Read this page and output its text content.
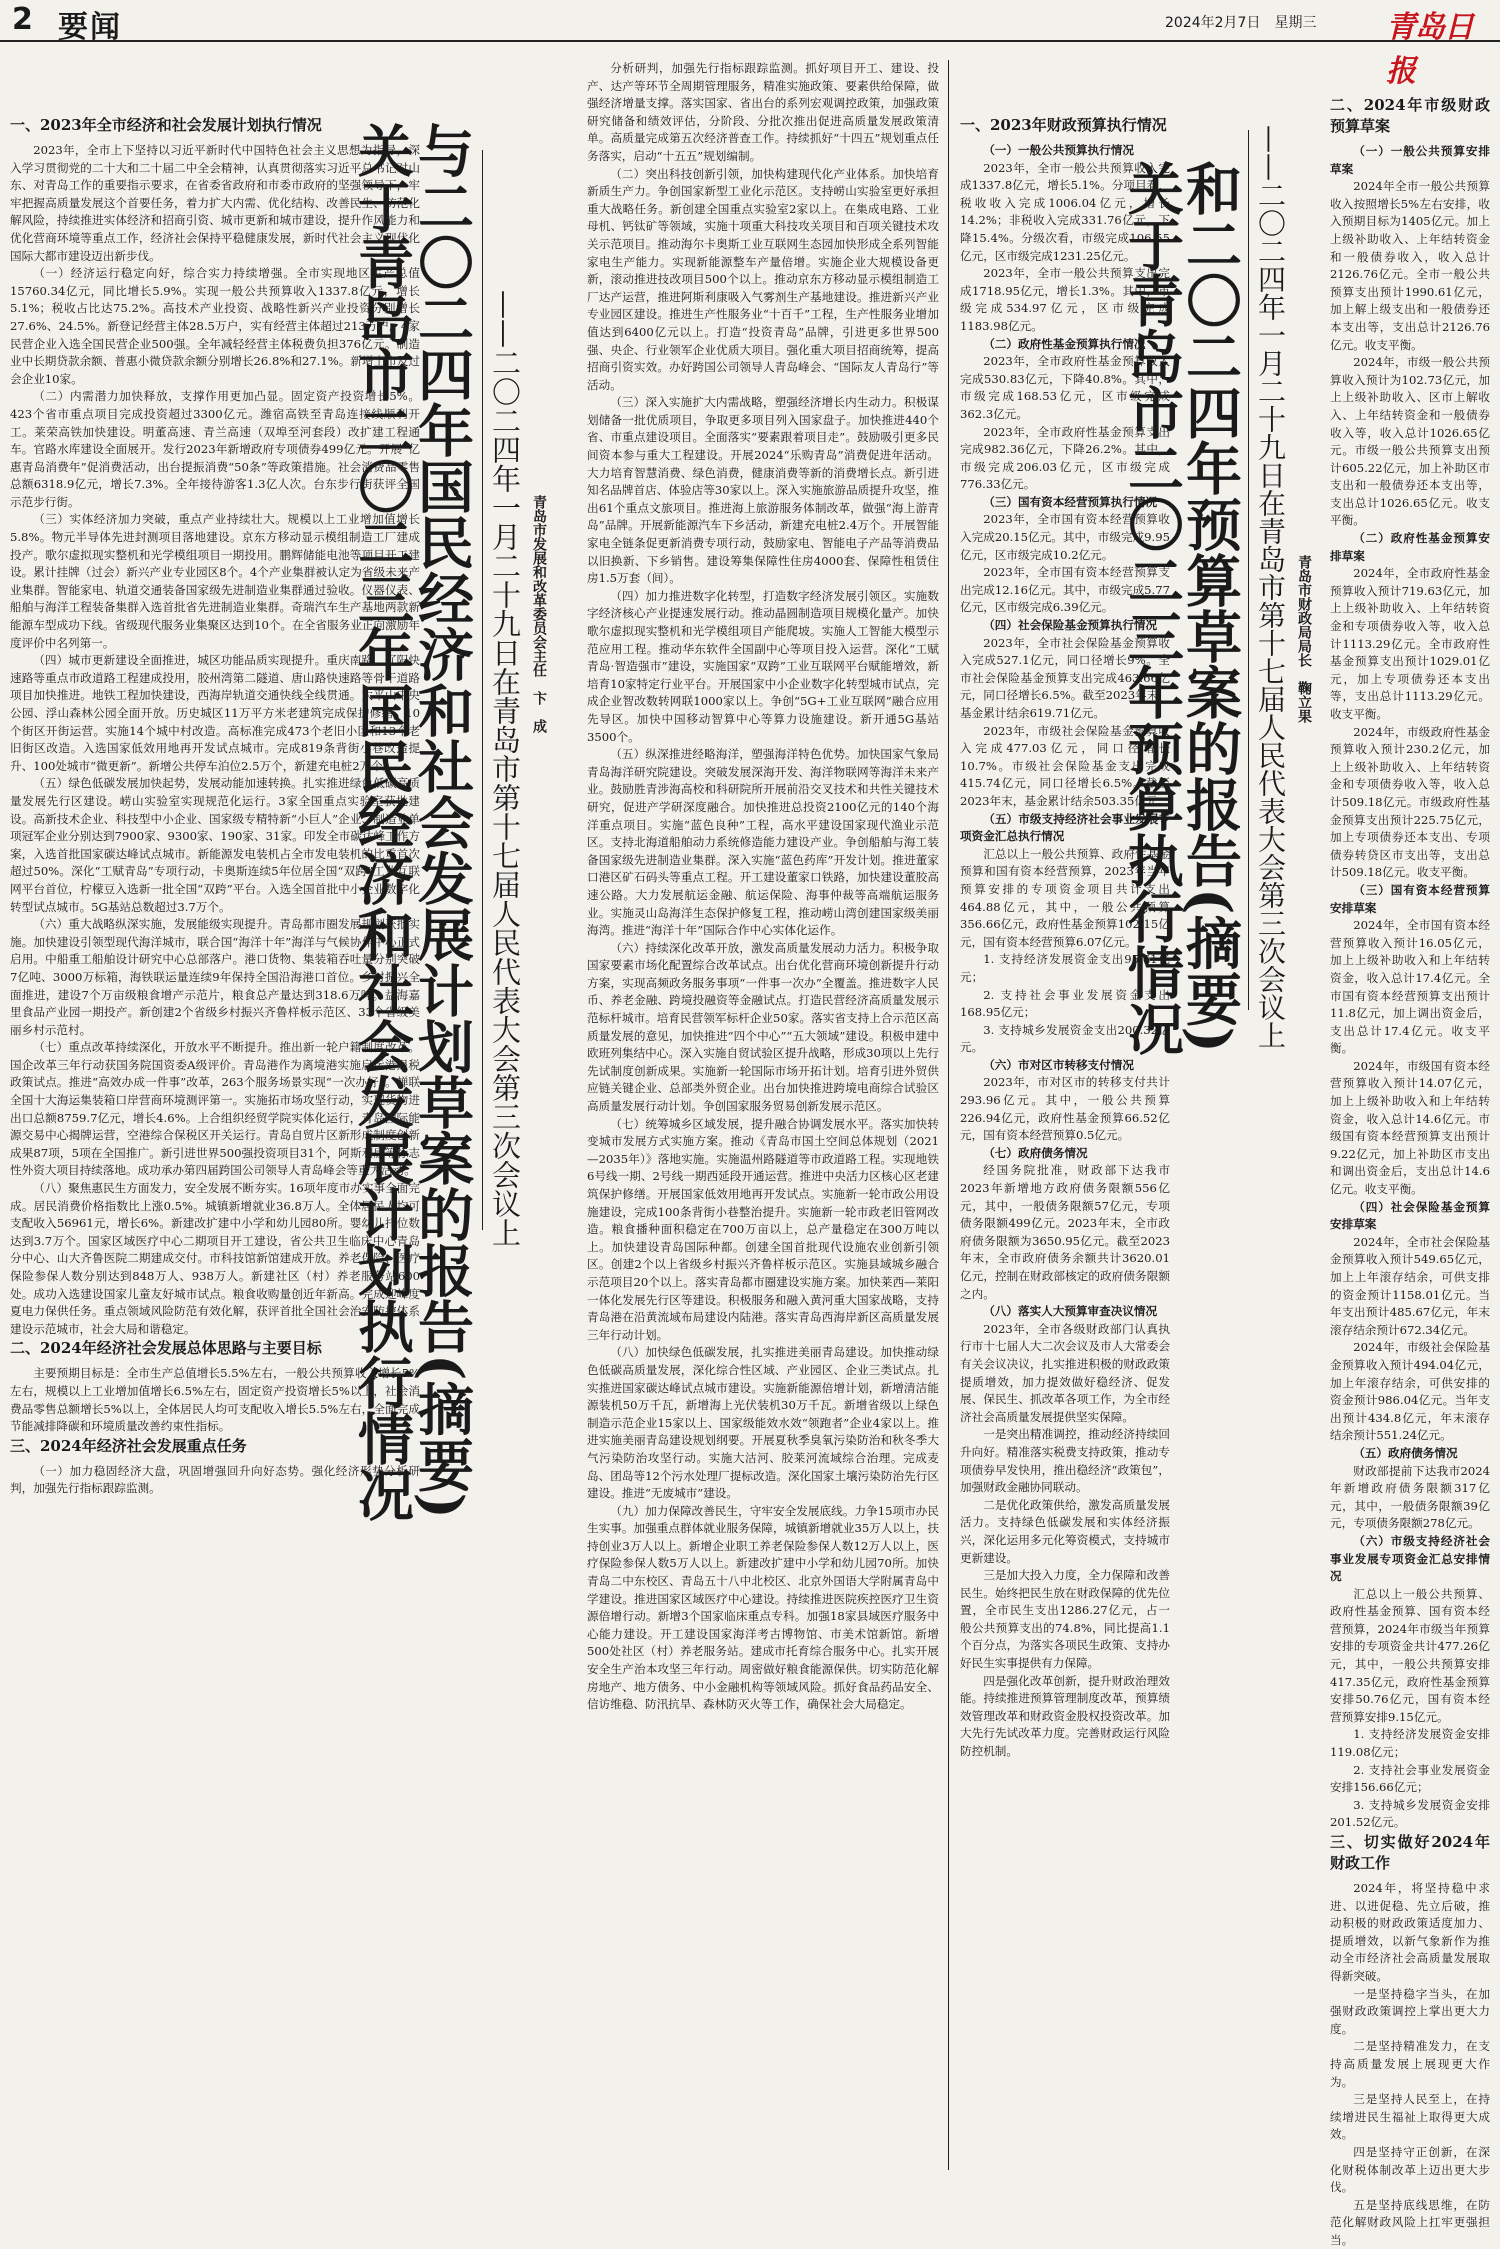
2 要闻	2024年2月7日　星期三 青岛日报
一、2023年全市经济和社会发展计划执行情况

2023年，全市上下坚持以习近平新时代中国特色社会主义思想为指导，深入学习贯彻党的二十大和二十届二中全会精神，认真贯彻落实习近平总书记对山东、对青岛工作的重要指示要求，在省委省政府和市委市政府的坚强领导下，牢牢把握高质量发展这个首要任务，着力扩大内需、优化结构、改善民生、防范化解风险，持续推进实体经济和招商引资、城市更新和城市建设，提升作风能力和优化营商环境等重点工作，经济社会保持平稳健康发展，新时代社会主义现代化国际大都市建设迈出新步伐。

（一）经济运行稳定向好，综合实力持续增强。全市实现地区生产总值15760.34亿元，同比增长5.9%。实现一般公共预算收入1337.8亿元，增长5.1%；税收占比达75.2%。高技术产业投资、战略性新兴产业投资分别增长27.6%、24.5%。新登记经营主体28.5万户，实有经营主体超过213万户。4家民营企业入选全国民营企业500强。全年减轻经营主体税费负担376亿元。制造业中长期贷款余额、普惠小微贷款余额分别增长26.8%和27.1%。新增上市及过会企业10家。

（二）内需潜力加快释放，支撑作用更加凸显。固定资产投资增长5%。423个省市重点项目完成投资超过3300亿元。潍宿高铁至青岛连接线顺利开工。莱荣高铁加快建设。明董高速、青兰高速（双埠至河套段）改扩建工程通车。官路水库建设全面展开。发行2023年新增政府专项债券499亿元。开展“亿惠青岛消费年”促消费活动，出台提振消费“50条”等政策措施。社会消费品零售总额6318.9亿元，增长7.3%。全年接待游客1.3亿人次。台东步行街获评全国示范步行街。

（三）实体经济加力突破，重点产业持续壮大。规模以上工业增加值增长5.8%。物元半导体先进封测项目落地建设。京东方移动显示模组制造工厂建成投产。歌尔虚拟现实整机和光学模组项目一期投用。鹏辉储能电池等项目开工建设。累计挂牌（过会）新兴产业专业园区8个。4个产业集群被认定为省级未来产业集群。智能家电、轨道交通装备国家级先进制造业集群通过验收。仪器仪表、船舶与海洋工程装备集群入选首批省先进制造业集群。奇瑞汽车生产基地两款新能源车型成功下线。省级现代服务业集聚区达到10个。在全省服务业正向激励年度评价中名列第一。

（四）城市更新建设全面推进，城区功能品质实现提升。重庆南路、辽阳快速路等重点市政道路工程建成投用，胶州湾第二隧道、唐山路快速路等骨干道路项目加快推进。地铁工程加快建设，西海岸轨道交通快线全线贯通。太平山中央公园、浮山森林公园全面开放。历史城区11万平方米老建筑完成保护修缮，10个街区开街运营。实施14个城中村改造。高标准完成473个老旧小区和13个老旧街区改造。入选国家低效用地再开发试点城市。完成819条背街小巷改造提升、100处城市“微更新”。新增公共停车泊位2.5万个，新建充电桩2万个。

（五）绿色低碳发展加快起势，发展动能加速转换。扎实推进绿色低碳高质量发展先行区建设。崂山实验室实现规范化运行。3家全国重点实验室获批建设。高新技术企业、科技型中小企业、国家级专精特新“小巨人”企业、制造业单项冠军企业分别达到7900家、9300家、190家、31家。印发全市碳达峰工作方案，入选首批国家碳达峰试点城市。新能源发电装机占全市发电装机的比重首次超过50%。深化“工赋青岛”专项行动，卡奥斯连续5年位居全国“双跨”工业互联网平台首位，柠檬豆入选新一批全国“双跨”平台。入选全国首批中小企业数字化转型试点城市。5G基站总数超过3.7万个。

（六）重大战略纵深实施，发展能级实现提升。青岛都市圈发展规划获批实施。加快建设引领型现代海洋城市，联合国“海洋十年”海洋与气候协作中心正式启用。中船重工船舶设计研究中心总部落户。港口货物、集装箱吞吐量分别突破7亿吨、3000万标箱，海铁联运量连续9年保持全国沿海港口首位。乡村振兴全面推进，建设7个万亩级粮食增产示范片，粮食总产量达到318.6万吨。益海嘉里食品产业园一期投产。新创建2个省级乡村振兴齐鲁样板示范区、33个省级美丽乡村示范村。

（七）重点改革持续深化，开放水平不断提升。推出新一轮户籍制度改革。国企改革三年行动获国务院国资委A级评价。青岛港作为离境港实施启运港退税政策试点。推进“高效办成一件事”改革，263个服务场景实现“一次办好”。蝉联全国十大海运集装箱口岸营商环境测评第一。实施拓市场攻坚行动，实现货物进出口总额8759.7亿元，增长4.6%。上合组织经贸学院实体化运行，青岛国际能源交易中心揭牌运营，空港综合保税区开关运行。青岛自贸片区新形成制度创新成果87项，5项在全国推广。新引进世界500强投资项目31个，阿斯利康等标志性外资大项目持续落地。成功承办第四届跨国公司领导人青岛峰会等重大活动。

（八）聚焦惠民生方面发力，安全发展不断夯实。16项年度市办实事全面完成。居民消费价格指数比上涨0.5%。城镇新增就业36.8万人。全体居民人均可支配收入56961元，增长6%。新建改扩建中小学和幼儿园80所。婴幼儿托位数达到3.7万个。国家区域医疗中心二期项目开工建设，省公共卫生临床中心青岛分中心、山大齐鲁医院二期建成交付。市科技馆新馆建成开放。养老保险、医疗保险参保人数分别达到848万人、938万人。新建社区（村）养老服务站600处。成功入选建设国家儿童友好城市试点。粮食收购量创近年新高。完成迎峰度夏电力保供任务。重点领域风险防范有效化解，获评首批全国社会治安防控体系建设示范城市，社会大局和谐稳定。

二、2024年经济社会发展总体思路与主要目标

主要预期目标是：全市生产总值增长5.5%左右，一般公共预算收入增长5%左右，规模以上工业增加值增长6.5%左右，固定资产投资增长5%以上，社会消费品零售总额增长5%以上，全体居民人均可支配收入增长5.5%左右，全面完成节能减排降碳和环境质量改善约束性指标。

三、2024年经济社会发展重点任务

（一）加力稳固经济大盘，巩固增强回升向好态势。强化经济形势分析研判，加强先行指标跟踪监测。	关于青岛市二〇二三年国民经济和社会发展计划执行情况
与二〇二四年国民经济和社会发展计划草案的报告(摘要) ——二〇二四年一月二十九日在青岛市第十七届人民代表大会第三次会议上 青岛市发展和改革委员会主任　卞　成

分析研判，加强先行指标跟踪监测。抓好项目开工、建设、投产、达产等环节全周期管理服务，精准实施政策、要素供给保障，做强经济增量支撑。落实国家、省出台的系列宏观调控政策，加强政策研究储备和绩效评估，分阶段、分批次推出促进高质量发展政策清单。高质量完成第五次经济普查工作。持续抓好“十四五”规划重点任务落实，启动“十五五”规划编制。

（二）突出科技创新引领，加快构建现代化产业体系。加快培育新质生产力。争创国家新型工业化示范区。支持崂山实验室更好承担重大战略任务。新创建全国重点实验室2家以上。在集成电路、工业母机、钙钛矿等领域，实施十项重大科技攻关项目和百项关键技术攻关示范项目。推动海尔卡奥斯工业互联网生态园加快形成全系列智能家电生产能力。实现新能源整车产量倍增。实施企业大规模设备更新，滚动推进技改项目500个以上。推动京东方移动显示模组制造工厂达产运营，推进阿斯利康吸入气雾剂生产基地建设。推进新兴产业专业园区建设。推进生产性服务业“十百千”工程，生产性服务业增加值达到6400亿元以上。打造“投资青岛”品牌，引进更多世界500强、央企、行业领军企业优质大项目。强化重大项目招商统筹，提高招商引资实效。办好跨国公司领导人青岛峰会、“国际友人青岛行”等活动。

（三）深入实施扩大内需战略，塑强经济增长内生动力。积极谋划储备一批优质项目，争取更多项目列入国家盘子。加快推进440个省、市重点建设项目。全面落实“要素跟着项目走”。鼓励吸引更多民间资本参与重大工程建设。开展2024“乐购青岛”消费促进年活动。大力培育智慧消费、绿色消费，健康消费等新的消费增长点。新引进知名品牌首店、体验店等30家以上。深入实施旅游品质提升攻坚，推出61个重点文旅项目。推进海上旅游服务体制改革，做强“海上游青岛”品牌。开展新能源汽车下乡活动，新建充电桩2.4万个。开展智能家电全链条促更新消费专项行动，鼓励家电、智能电子产品等消费品以旧换新、下乡销售。建设筹集保障性住房4000套、保障性租赁住房1.5万套（间）。

（四）加力推进数字化转型，打造数字经济发展引领区。实施数字经济核心产业提速发展行动。推动晶圆制造项目规模化量产。加快歌尔虚拟现实整机和光学模组项目产能爬坡。实施人工智能大模型示范应用工程。推动华东软件全国副中心等项目投入运营。深化“工赋青岛·智造强市”建设，实施国家“双跨”工业互联网平台赋能增效，新培育10家特定行业平台。开展国家中小企业数字化转型城市试点，完成企业智改数转网联1000家以上。争创“5G+工业互联网”融合应用先导区。加快中国移动智算中心等算力设施建设。新开通5G基站3500个。

（五）纵深推进经略海洋，塑强海洋特色优势。加快国家气象局青岛海洋研究院建设。突破发展深海开发、海洋物联网等海洋未来产业。鼓励胜青涉海高校和科研院所开展前沿交叉技术和共性关键技术研究，促进产学研深度融合。加快推进总投资2100亿元的140个海洋重点项目。实施“蓝色良种”工程，高水平建设国家现代渔业示范区。支持北海道船舶动力系统修造能力建设产业。争创船舶与海工装备国家级先进制造业集群。深入实施“蓝色药库”开发计划。推进董家口港区矿石码头等重点工程。开工建设董家口铁路，加快建设董胶高速公路。大力发展航运金融、航运保险、海事仲裁等高端航运服务业。实施灵山岛海洋生态保护修复工程，推动崂山湾创建国家级美丽海湾。推进“海洋十年”国际合作中心实体化运作。

（六）持续深化改革开放，激发高质量发展动力活力。积极争取国家要素市场化配置综合改革试点。出台优化营商环境创新提升行动方案，实现高频政务服务事项“一件事一次办”全覆盖。推进数字人民币、养老金融、跨境投融资等金融试点。打造民营经济高质量发展示范标杆城市。培育民营领军标杆企业50家。落实省支持上合示范区高质量发展的意见，加快推进“四个中心”“五大领域”建设。积极申建中欧班列集结中心。深入实施自贸试验区提升战略，形成30项以上先行先试制度创新成果。实施新一轮国际市场开拓计划。培育引进外贸供应链关键企业、总部类外贸企业。出台加快推进跨境电商综合试验区高质量发展行动计划。争创国家服务贸易创新发展示范区。

（七）统筹城乡区域发展，提升融合协调发展水平。落实加快转变城市发展方式实施方案。推动《青岛市国土空间总体规划（2021—2035年）》落地实施。实施温州路隧道等市政道路工程。实现地铁6号线一期、2号线一期西延段开通运营。推进中央活力区核心区老建筑保护修缮。开展国家低效用地再开发试点。实施新一轮市政公用设施建设，完成100条背街小巷整治提升。实施新一轮市政老旧管网改造。粮食播种面积稳定在700万亩以上，总产量稳定在300万吨以上。加快建设青岛国际种都。创建全国首批现代设施农业创新引领区。创建2个以上省级乡村振兴齐鲁样板示范区。实施县域城乡融合示范项目20个以上。落实青岛都市圈建设实施方案。加快莱西—莱阳一体化发展先行区等建设。积极服务和融入黄河重大国家战略，支持青岛港在沿黄流域布局建设内陆港。落实青岛西海岸新区高质量发展三年行动计划。

（八）加快绿色低碳发展，扎实推进美丽青岛建设。加快推动绿色低碳高质量发展，深化综合性区域、产业园区、企业三类试点。扎实推进国家碳达峰试点城市建设。实施新能源倍增计划，新增清洁能源装机50万千瓦，新增海上光伏装机30万千瓦。新增省级以上绿色制造示范企业15家以上、国家级能效水效“领跑者”企业4家以上。推进实施美丽青岛建设规划纲要。开展夏秋季臭氧污染防治和秋冬季大气污染防治攻坚行动。实施大沽河、胶莱河流域综合治理。完成麦岛、团岛等12个污水处理厂提标改造。深化国家土壤污染防治先行区建设。推进“无废城市”建设。

（九）加力保障改善民生，守牢安全发展底线。力争15项市办民生实事。加强重点群体就业服务保障，城镇新增就业35万人以上，扶持创业3万人以上。新增企业职工养老保险参保人数12万人以上，医疗保险参保人数5万人以上。新建改扩建中小学和幼儿园70所。加快青岛二中东校区、青岛五十八中北校区、北京外国语大学附属青岛中学建设。推进国家区域医疗中心建设。持续推进医院疾控医疗卫生资源倍增行动。新增3个国家临床重点专科。加强18家县域医疗服务中心能力建设。开工建设国家海洋考古博物馆、市美术馆新馆。新增500处社区（村）养老服务站。建成市托育综合服务中心。扎实开展安全生产治本攻坚三年行动。周密做好粮食能源保供。切实防范化解房地产、地方债务、中小金融机构等领域风险。抓好食品药品安全、信访维稳、防汛抗旱、森林防灭火等工作，确保社会大局稳定。

一、2023年财政预算执行情况
（一）一般公共预算执行情况

2023年，全市一般公共预算收入完成1337.8亿元，增长5.1%。分项目看，税收收入完成1006.04亿元，增长14.2%；非税收入完成331.76亿元，下降15.4%。分级次看，市级完成106.55亿元，区市级完成1231.25亿元。

2023年，全市一般公共预算支出完成1718.95亿元，增长1.3%。其中，市级完成534.97亿元，区市级完成1183.98亿元。

（二）政府性基金预算执行情况

2023年，全市政府性基金预算收入完成530.83亿元，下降40.8%。其中，市级完成168.53亿元，区市级完成362.3亿元。

2023年，全市政府性基金预算支出完成982.36亿元，下降26.2%。其中，市级完成206.03亿元，区市级完成776.33亿元。

（三）国有资本经营预算执行情况

2023年，全市国有资本经营预算收入完成20.15亿元。其中，市级完成9.95亿元，区市级完成10.2亿元。

2023年，全市国有资本经营预算支出完成12.16亿元。其中，市级完成5.77亿元，区市级完成6.39亿元。

（四）社会保险基金预算执行情况

2023年，全市社会保险基金预算收入完成527.1亿元，同口径增长9%。全市社会保险基金预算支出完成463.66亿元，同口径增长6.5%。截至2023年末，基金累计结余619.71亿元。

2023年，市级社会保险基金预算收入完成477.03亿元，同口径增长10.7%。市级社会保险基金支出完成415.74亿元，同口径增长6.5%。截至2023年末，基金累计结余503.35亿元。

（五）市级支持经济社会事业发展专项资金汇总执行情况

汇总以上一般公共预算、政府性基金预算和国有资本经营预算，2023年当年预算安排的专项资金项目共计支出464.88亿元，其中，一般公共预算356.66亿元，政府性基金预算102.15亿元，国有资本经营预算6.07亿元。

1. 支持经济发展资金支出95.61亿元；

2. 支持社会事业发展资金支出168.95亿元；

3. 支持城乡发展资金支出200.32亿元。

（六）市对区市转移支付情况

2023年，市对区市的转移支付共计293.96亿元。其中，一般公共预算226.94亿元，政府性基金预算66.52亿元，国有资本经营预算0.5亿元。

（七）政府债务情况

经国务院批准，财政部下达我市2023年新增地方政府债务限额556亿元，其中，一般债务限额57亿元，专项债务限额499亿元。2023年末，全市政府债务限额为3650.95亿元。截至2023年末，全市政府债务余额共计3620.01亿元，控制在财政部核定的政府债务限额之内。

（八）落实人大预算审查决议情况

2023年，全市各级财政部门认真执行市十七届人大二次会议及市人大常委会有关会议决议，扎实推进积极的财政政策提质增效，加力提效做好稳经济、促发展、保民生、抓改革各项工作，为全市经济社会高质量发展提供坚实保障。

一是突出精准调控，推动经济持续回升向好。精准落实税费支持政策，推动专项债券早发快用，推出稳经济“政策包”，加强财政金融协同联动。

二是优化政策供给，激发高质量发展活力。支持绿色低碳发展和实体经济振兴，深化运用多元化筹资模式，支持城市更新建设。

三是加大投入力度，全力保障和改善民生。始终把民生放在财政保障的优先位置，全市民生支出1286.27亿元，占一般公共预算支出的74.8%，同比提高1.1个百分点，为落实各项民生政策、支持办好民生实事提供有力保障。

四是强化改革创新，提升财政治理效能。持续推进预算管理制度改革，预算绩效管理改革和财政资金股权投资改革。加大先行先试改革力度。完善财政运行风险防控机制。

关于青岛市二〇二三年预算执行情况
和二〇二四年预算草案的报告(摘要) ——二〇二四年一月二十九日在青岛市第十七届人民代表大会第三次会议上 青岛市财政局局长　鞠立果
二、2024年市级财政预算草案
（一）一般公共预算安排草案

2024年全市一般公共预算收入按照增长5%左右安排，收入预期目标为1405亿元。加上上级补助收入、上年结转资金和一般债券收入，收入总计2126.76亿元。全市一般公共预算支出预计1990.61亿元，加上解上级支出和一般债券还本支出等，支出总计2126.76亿元。收支平衡。

2024年，市级一般公共预算收入预计为102.73亿元，加上上级补助收入、区市上解收入、上年结转资金和一般债券收入等，收入总计1026.65亿元。市级一般公共预算支出预计605.22亿元，加上补助区市支出和一般债券还本支出等，支出总计1026.65亿元。收支平衡。

（二）政府性基金预算安排草案

2024年，全市政府性基金预算收入预计719.63亿元，加上上级补助收入、上年结转资金和专项债券收入等，收入总计1113.29亿元。全市政府性基金预算支出预计1029.01亿元，加上专项债券还本支出等，支出总计1113.29亿元。收支平衡。

2024年，市级政府性基金预算收入预计230.2亿元，加上上级补助收入、上年结转资金和专项债券收入等，收入总计509.18亿元。市级政府性基金预算支出预计225.75亿元，加上专项债券还本支出、专项债券转贷区市支出等，支出总计509.18亿元。收支平衡。

（三）国有资本经营预算安排草案

2024年，全市国有资本经营预算收入预计16.05亿元，加上上级补助收入和上年结转资金，收入总计17.4亿元。全市国有资本经营预算支出预计11.8亿元，加上调出资金后，支出总计17.4亿元。收支平衡。

2024年，市级国有资本经营预算收入预计14.07亿元，加上上级补助收入和上年结转资金，收入总计14.6亿元。市级国有资本经营预算支出预计9.22亿元，加上补助区市支出和调出资金后，支出总计14.6亿元。收支平衡。

（四）社会保险基金预算安排草案

2024年，全市社会保险基金预算收入预计549.65亿元，加上上年滚存结余，可供支排的资金预计1158.01亿元。当年支出预计485.67亿元，年末滚存结余预计672.34亿元。

2024年，市级社会保险基金预算收入预计494.04亿元，加上年滚存结余，可供安排的资金预计986.04亿元。当年支出预计434.8亿元，年末滚存结余预计551.24亿元。

（五）政府债务情况

财政部提前下达我市2024年新增政府债务限额317亿元，其中，一般债务限额39亿元，专项债务限额278亿元。

（六）市级支持经济社会事业发展专项资金汇总安排情况

汇总以上一般公共预算、政府性基金预算、国有资本经营预算，2024年市级当年预算安排的专项资金共计477.26亿元，其中，一般公共预算安排417.35亿元，政府性基金预算安排50.76亿元，国有资本经营预算安排9.15亿元。

1. 支持经济发展资金安排119.08亿元；

2. 支持社会事业发展资金安排156.66亿元；

3. 支持城乡发展资金安排201.52亿元。

三、切实做好2024年财政工作

2024年，将坚持稳中求进、以进促稳、先立后破，推动积极的财政政策适度加力、提质增效，以新气象新作为推动全市经济社会高质量发展取得新突破。

一是坚持稳字当头，在加强财政政策调控上掌出更大力度。

二是坚持精准发力，在支持高质量发展上展现更大作为。

三是坚持人民至上，在持续增进民生福祉上取得更大成效。

四是坚持守正创新，在深化财税体制改革上迈出更大步伐。

五是坚持底线思维，在防范化解财政风险上扛牢更强担当。
